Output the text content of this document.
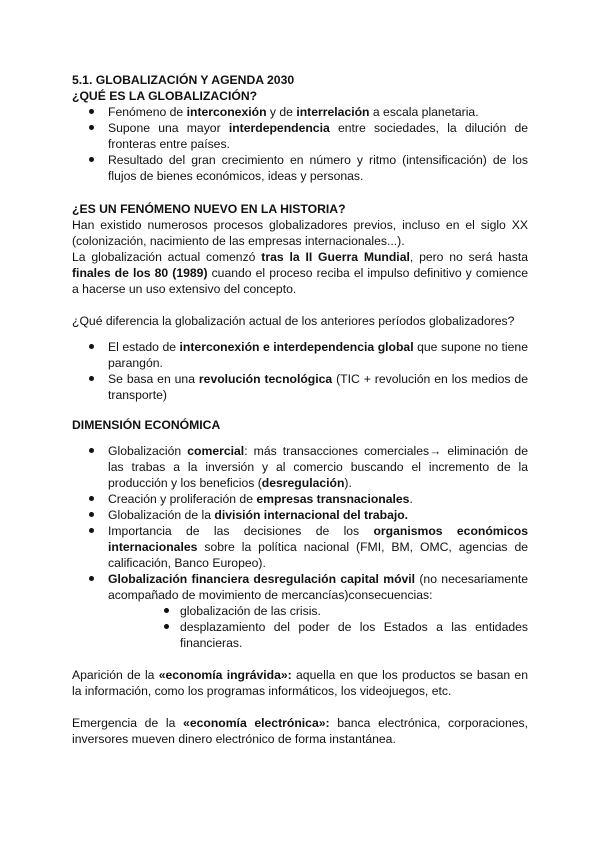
5.1. GLOBALIZACIÓN Y AGENDA 2030
¿QUÉ ES LA GLOBALIZACIÓN?
Fenómeno de interconexión y de interrelación a escala planetaria.
Supone una mayor interdependencia entre sociedades, la dilución de fronteras entre países.
Resultado del gran crecimiento en número y ritmo (intensificación) de los flujos de bienes económicos, ideas y personas.
¿ES UN FENÓMENO NUEVO EN LA HISTORIA?
Han existido numerosos procesos globalizadores previos, incluso en el siglo XX (colonización, nacimiento de las empresas internacionales...).
La globalización actual comenzó tras la II Guerra Mundial, pero no será hasta finales de los 80 (1989) cuando el proceso reciba el impulso definitivo y comience a hacerse un uso extensivo del concepto.
¿Qué diferencia la globalización actual de los anteriores períodos globalizadores?
El estado de interconexión e interdependencia global que supone no tiene parangón.
Se basa en una revolución tecnológica (TIC + revolución en los medios de transporte)
DIMENSIÓN ECONÓMICA
Globalización comercial: más transacciones comerciales→ eliminación de las trabas a la inversión y al comercio buscando el incremento de la producción y los beneficios (desregulación).
Creación y proliferación de empresas transnacionales.
Globalización de la división internacional del trabajo.
Importancia de las decisiones de los organismos económicos internacionales sobre la política nacional (FMI, BM, OMC, agencias de calificación, Banco Europeo).
Globalización financiera desregulación capital móvil (no necesariamente acompañado de movimiento de mercancías)consecuencias:
globalización de las crisis.
desplazamiento del poder de los Estados a las entidades financieras.
Aparición de la «economía ingrávida»: aquella en que los productos se basan en la información, como los programas informáticos, los videojuegos, etc.
Emergencia de la «economía electrónica»: banca electrónica, corporaciones, inversores mueven dinero electrónico de forma instantánea.
